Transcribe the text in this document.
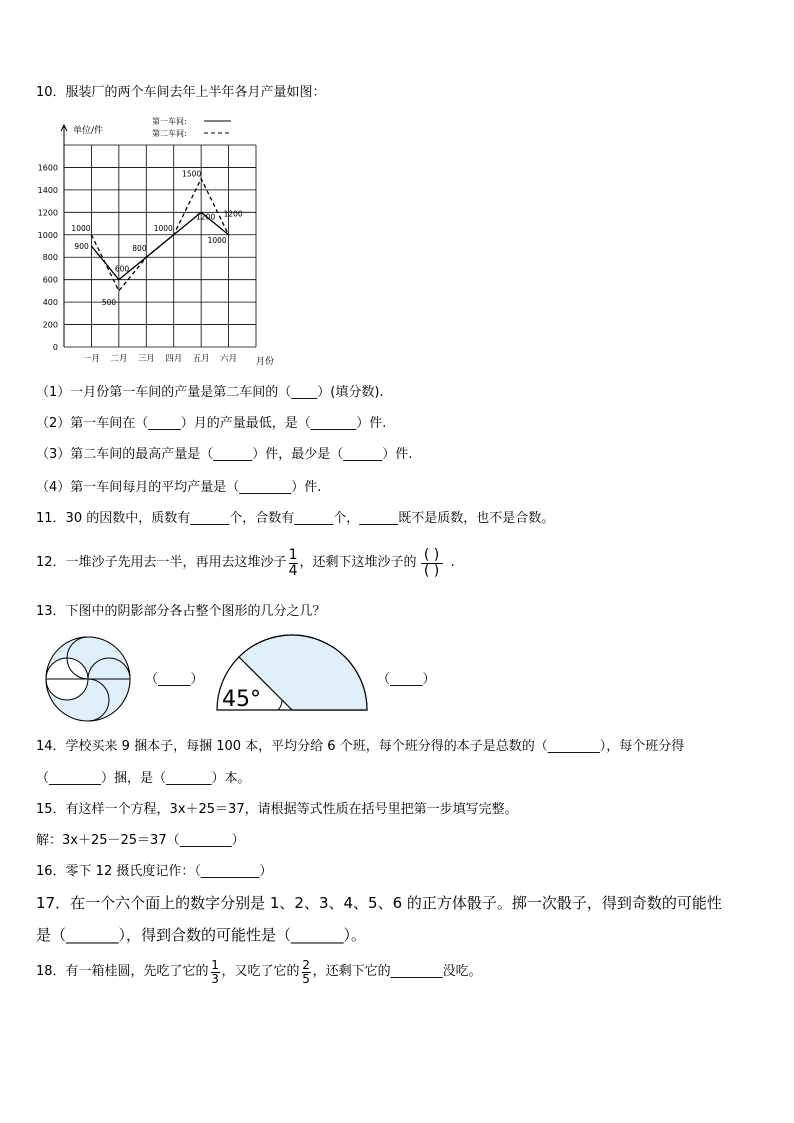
10．服装厂的两个车间去年上半年各月产量如图：
0
200
400
600
800
1000
1200
1400
1600
一月 二月 三月 四月 五月 六月
1000
900
600
500
800
1000
1500
1200 1200
1000
单位/件
月份
第一车间:
第二车间:
（1）一月份第一车间的产量是第二车间的（____）(填分数).
（2）第一车间在（_____）月的产量最低，是（_______）件.
（3）第二车间的最高产量是（______）件，最少是（______）件.
（4）第一车间每月的平均产量是（________）件.
11．30 的因数中，质数有______个，合数有______个，______既不是质数，也不是合数。
12．一堆沙子先用去一半，再用去这堆沙子 $\frac{1}{4}$ ，还剩下这堆沙子的 $\frac{( )}{( )}$ .
13．下图中的阴影部分各占整个图形的几分之几？
（_____）
45°
（_____）
14．学校买来 9 捆本子，每捆 100 本，平均分给 6 个班，每个班分得的本子是总数的（________），每个班分得
（________）捆，是（_______）本。
15．有这样一个方程，3x＋25＝37，请根据等式性质在括号里把第一步填写完整。
解：3x＋25－25＝37（________）
16．零下 12 摄氏度记作：（_________）
17．在一个六个面上的数字分别是 1、2、3、4、5、6 的正方体骰子。掷一次骰子，得到奇数的可能性
是（_______），得到合数的可能性是（_______）。
18．有一箱桂圆，先吃了它的 $\frac{1}{3}$ ，又吃了它的 $\frac{2}{5}$ ，还剩下它的________没吃。
